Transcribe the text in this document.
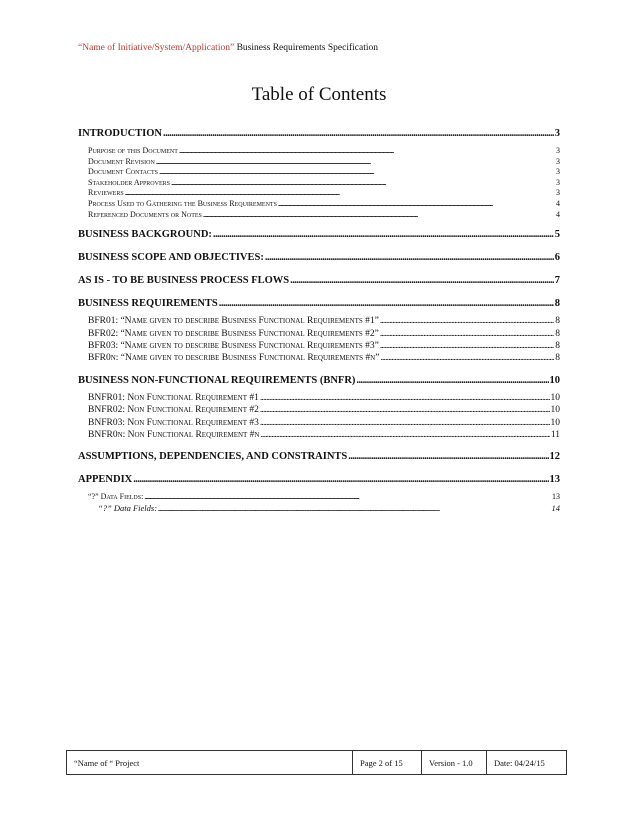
“Name of Initiative/System/Application” Business Requirements Specification
Table of Contents
INTRODUCTION . . .	3
Purpose of this Document . . .	3
Document Revision . . .	3
Document Contacts . . .	3
Stakeholder Approvers . . .	3
Reviewers . . .	3
Process Used to Gathering the Business Requirements . . .	4
Referenced Documents or Notes . . .	4
BUSINESS BACKGROUND: . . .	5
BUSINESS SCOPE AND OBJECTIVES: . . .	6
AS IS - TO BE BUSINESS PROCESS FLOWS . . .	7
BUSINESS REQUIREMENTS . . .	8
BFR01: “Name given to describe Business Functional Requirements #1” . . .	8
BFR02: “Name given to describe Business Functional Requirements #2” . . .	8
BFR03: “Name given to describe Business Functional Requirements #3” . . .	8
BFR0n: “Name given to describe Business Functional Requirements #n” . . .	8
BUSINESS NON-FUNCTIONAL REQUIREMENTS (BNFR) . . .	10
BNFR01: Non Functional Requirement #1 . . .	10
BNFR02: Non Functional Requirement #2 . . .	10
BNFR03: Non Functional Requirement #3 . . .	10
BNFR0n: Non Functional Requirement #n . . .	11
ASSUMPTIONS, DEPENDENCIES, AND CONSTRAINTS . . .	12
APPENDIX . . .	13
“?” Data Fields: . . .	13
“?” Data Fields: . . .	14
“Name of “ Project	Page 2 of 15	Version - 1.0	Date: 04/24/15
